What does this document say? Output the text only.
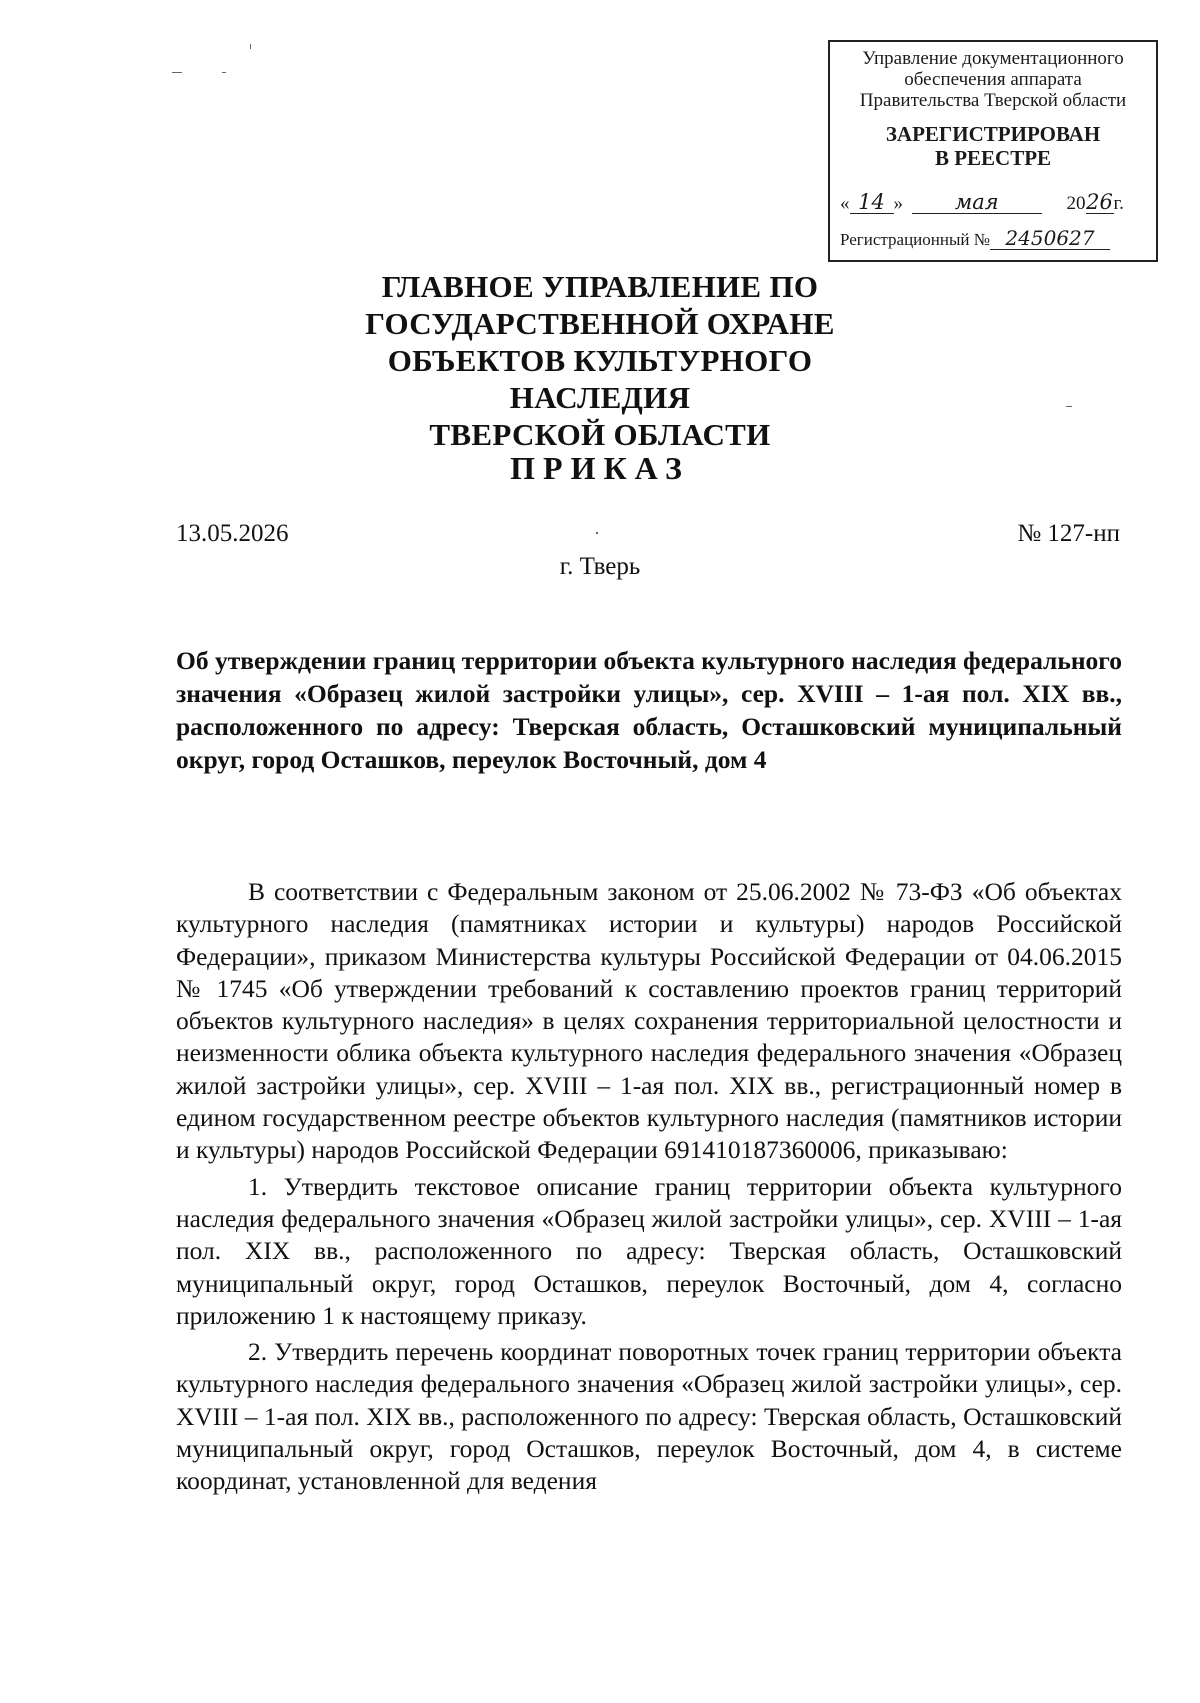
Управление документационного
обеспечения аппарата
Правительства Тверской области
ЗАРЕГИСТРИРОВАН
В РЕЕСТРЕ
« 14 » мая	2026г.
Регистрационный № 2450627
ГЛАВНОЕ УПРАВЛЕНИЕ ПО
ГОСУДАРСТВЕННОЙ ОХРАНЕ
ОБЪЕКТОВ КУЛЬТУРНОГО НАСЛЕДИЯ
ТВЕРСКОЙ ОБЛАСТИ
ПРИКАЗ
13.05.2026	№ 127-нп
г. Тверь
Об утверждении границ территории объекта культурного наследия федерального значения «Образец жилой застройки улицы», сер. XVIII – 1-ая пол. XIX вв., расположенного по адресу: Тверская область, Осташковский муниципальный округ, город Осташков, переулок Восточный, дом 4

В соответствии с Федеральным законом от 25.06.2002 № 73-ФЗ «Об объектах культурного наследия (памятниках истории и культуры) народов Российской Федерации», приказом Министерства культуры Российской Федерации от 04.06.2015 № 1745 «Об утверждении требований к составлению проектов границ территорий объектов культурного наследия» в целях сохранения территориальной целостности и неизменности облика объекта культурного наследия федерального значения «Образец жилой застройки улицы», сер. XVIII – 1-ая пол. XIX вв., регистрационный номер в едином государственном реестре объектов культурного наследия (памятников истории и культуры) народов Российской Федерации 691410187360006, приказываю:

1. Утвердить текстовое описание границ территории объекта культурного наследия федерального значения «Образец жилой застройки улицы», сер. XVIII – 1-ая пол. XIX вв., расположенного по адресу: Тверская область, Осташковский муниципальный округ, город Осташков, переулок Восточный, дом 4, согласно приложению 1 к настоящему приказу.

2. Утвердить перечень координат поворотных точек границ территории объекта культурного наследия федерального значения «Образец жилой застройки улицы», сер. XVIII – 1-ая пол. XIX вв., расположенного по адресу: Тверская область, Осташковский муниципальный округ, город Осташков, переулок Восточный, дом 4, в системе координат, установленной для ведения
